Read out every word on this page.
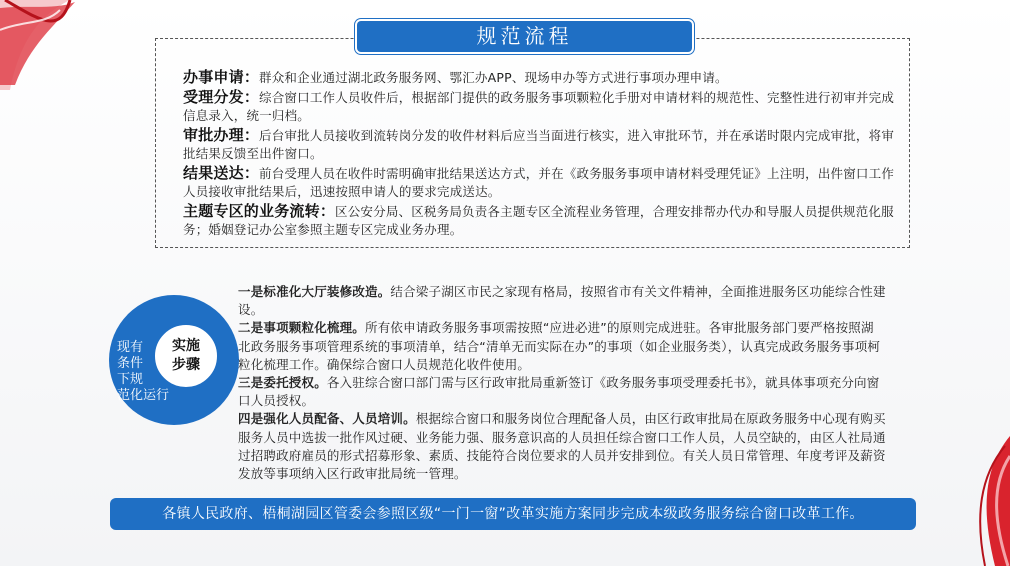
规范流程

办事申请：群众和企业通过湖北政务服务网、鄂汇办APP、现场申办等方式进行事项办理申请。

受理分发：综合窗口工作人员收件后，根据部门提供的政务服务事项颗粒化手册对申请材料的规范性、完整性进行初审并完成信息录入，统一归档。

审批办理：后台审批人员接收到流转岗分发的收件材料后应当当面进行核实，进入审批环节，并在承诺时限内完成审批，将审批结果反馈至出件窗口。

结果送达：前台受理人员在收件时需明确审批结果送达方式，并在《政务服务事项申请材料受理凭证》上注明，出件窗口工作人员接收审批结果后，迅速按照申请人的要求完成送达。

主题专区的业务流转：区公安分局、区税务局负责各主题专区全流程业务管理，合理安排帮办代办和导服人员提供规范化服务；婚姻登记办公室参照主题专区完成业务办理。

现有
条件
下规
范化运行
实施
步骤

一是标准化大厅装修改造。结合梁子湖区市民之家现有格局，按照省市有关文件精神，全面推进服务区功能综合性建设。

二是事项颗粒化梳理。所有依申请政务服务事项需按照“应进必进”的原则完成进驻。各审批服务部门要严格按照湖北政务服务事项管理系统的事项清单，结合“清单无而实际在办”的事项（如企业服务类），认真完成政务服务事项柯粒化梳理工作。确保综合窗口人员规范化收件使用。

三是委托授权。各入驻综合窗口部门需与区行政审批局重新签订《政务服务事项受理委托书》，就具体事项充分向窗口人员授权。

四是强化人员配备、人员培训。根据综合窗口和服务岗位合理配备人员，由区行政审批局在原政务服务中心现有购买服务人员中选拔一批作风过硬、业务能力强、服务意识高的人员担任综合窗口工作人员，人员空缺的，由区人社局通过招聘政府雇员的形式招募形象、素质、技能符合岗位要求的人员并安排到位。有关人员日常管理、年度考评及薪资发放等事项纳入区行政审批局统一管理。

各镇人民政府、梧桐湖园区管委会参照区级“一门一窗”改革实施方案同步完成本级政务服务综合窗口改革工作。
